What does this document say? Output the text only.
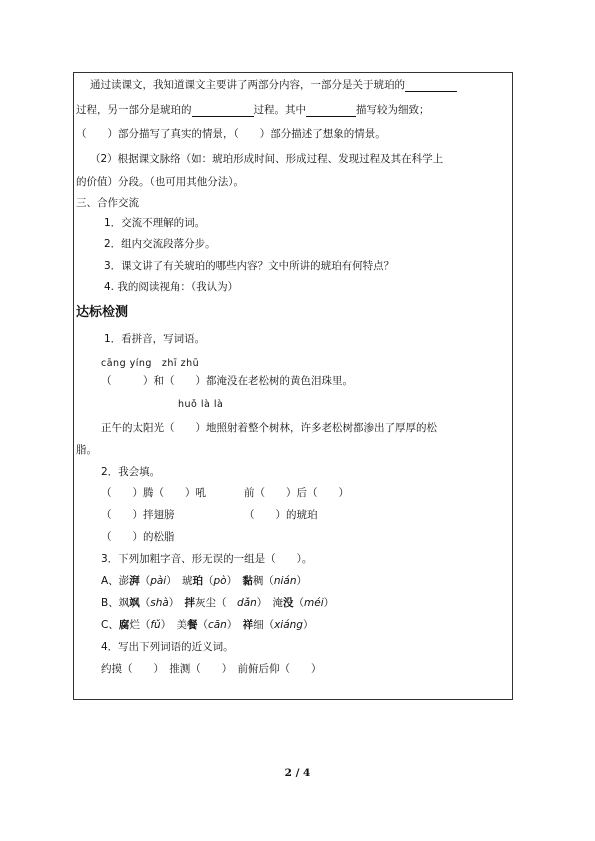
通过读课文，我知道课文主要讲了两部分内容，一部分是关于琥珀的
过程，另一部分是琥珀的	过程。其中	描写较为细致；
（　　）部分描写了真实的情景，（　　）部分描述了想象的情景。
（2）根据课文脉络（如：琥珀形成时间、形成过程、发现过程及其在科学上
的价值）分段。（也可用其他分法）。
三、合作交流
1．交流不理解的词。
2．组内交流段落分步。
3．课文讲了有关琥珀的哪些内容？文中所讲的琥珀有何特点？
4. 我的阅读视角：（我认为）
达标检测
1．看拼音，写词语。
cāng yíng　zhī zhū
（　　　）和（　　）都淹没在老松树的黄色泪珠里。
huǒ là là
正午的太阳光（　　）地照射着整个树林，许多老松树都渗出了厚厚的松
脂。
2．我会填。
（　　）腾（　　）吼	前（　　）后（　　）
（　　）拌翅膀	（　　）的琥珀
（　　）的松脂
3．下列加粗字音、形无误的一组是（　　）。
A、澎湃（pài）　琥珀（pò）　黏稠（nián）
B、飒飒（shà）　拌灰尘（　dǎn）　淹没（méi）
C、腐烂（fǔ）　美餐（cān）　祥细（xiáng）
4．写出下列词语的近义词。
约摸（　　）　推测（　　）　前俯后仰（　　）
2 / 4
